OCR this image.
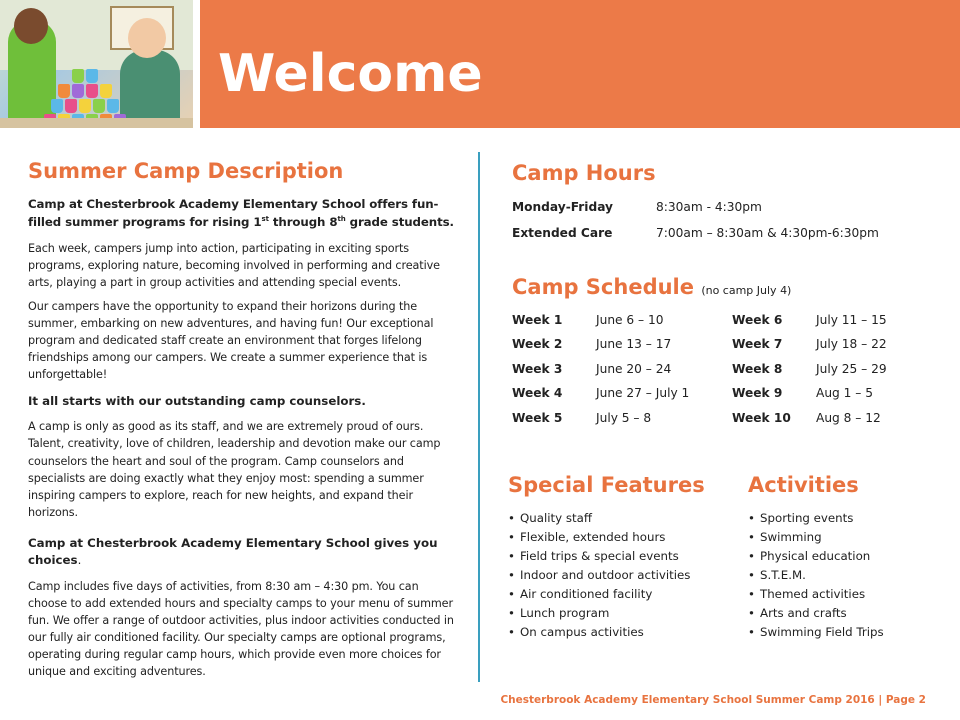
Welcome
Summer Camp Description

Camp at Chesterbrook Academy Elementary School offers fun-filled summer programs for rising 1st through 8th grade students.

Each week, campers jump into action, participating in exciting sports programs, exploring nature, becoming involved in performing and creative arts, playing a part in group activities and attending special events.

Our campers have the opportunity to expand their horizons during the summer, embarking on new adventures, and having fun! Our exceptional program and dedicated staff create an environment that forges lifelong friendships among our campers. We create a summer experience that is unforgettable!

It all starts with our outstanding camp counselors.

A camp is only as good as its staff, and we are extremely proud of ours. Talent, creativity, love of children, leadership and devotion make our camp counselors the heart and soul of the program. Camp counselors and specialists are doing exactly what they enjoy most: spending a summer inspiring campers to explore, reach for new heights, and expand their horizons.

Camp at Chesterbrook Academy Elementary School gives you choices.

Camp includes five days of activities, from 8:30 am – 4:30 pm. You can choose to add extended hours and specialty camps to your menu of summer fun. We offer a range of outdoor activities, plus indoor activities conducted in our fully air conditioned facility. Our specialty camps are optional programs, operating during regular camp hours, which provide even more choices for unique and exciting adventures.

Camp Hours
Monday-Friday	8:30am - 4:30pm
Extended Care	7:00am – 8:30am & 4:30pm-6:30pm
Camp Schedule (no camp July 4)
Week 1	June 6 – 10	Week 6	July 11 – 15
Week 2	June 13 – 17	Week 7	July 18 – 22
Week 3	June 20 – 24	Week 8	July 25 – 29
Week 4	June 27 – July 1	Week 9	Aug 1 – 5
Week 5	July 5 – 8	Week 10	Aug 8 – 12
Special Features
• Quality staff
• Flexible, extended hours
• Field trips & special events
• Indoor and outdoor activities
• Air conditioned facility
• Lunch program
• On campus activities
Activities
• Sporting events
• Swimming
• Physical education
• S.T.E.M.
• Themed activities
• Arts and crafts
• Swimming Field Trips
Chesterbrook Academy Elementary School Summer Camp 2016 | Page 2
